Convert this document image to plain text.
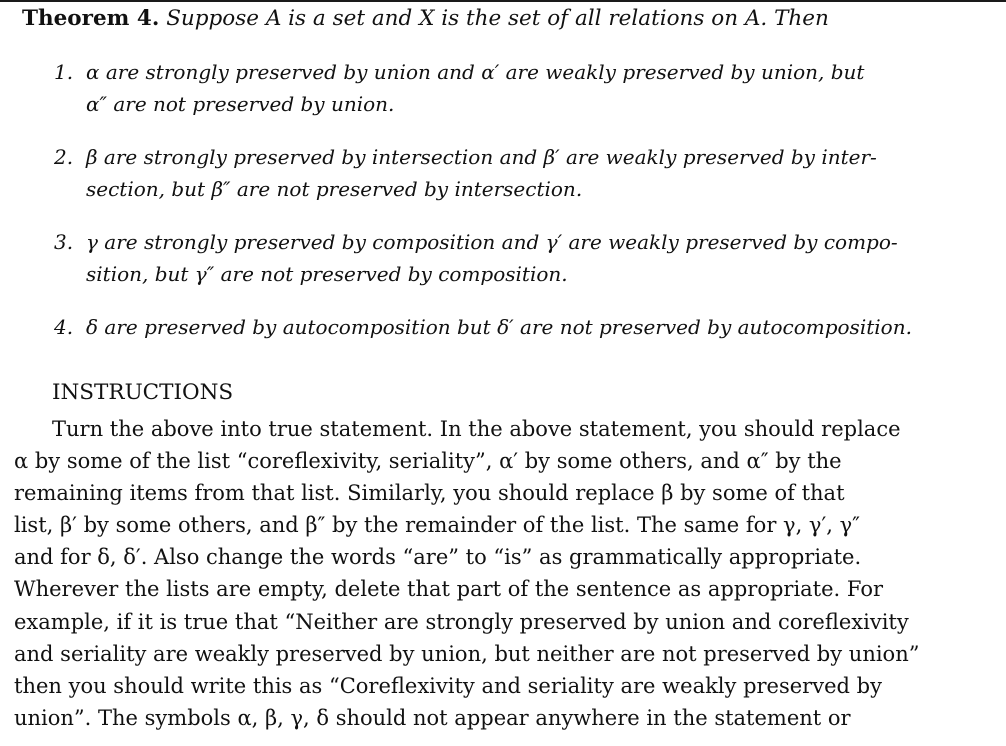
Theorem 4. Suppose A is a set and X is the set of all relations on A. Then
1. α are strongly preserved by union and α′ are weakly preserved by union, but
α″ are not preserved by union.
2. β are strongly preserved by intersection and β′ are weakly preserved by inter-
section, but β″ are not preserved by intersection.
3. γ are strongly preserved by composition and γ′ are weakly preserved by compo-
sition, but γ″ are not preserved by composition.
4. δ are preserved by autocomposition but δ′ are not preserved by autocomposition.
INSTRUCTIONS
Turn the above into true statement. In the above statement, you should replace
α by some of the list “coreflexivity, seriality”, α′ by some others, and α″ by the
remaining items from that list. Similarly, you should replace β by some of that
list, β′ by some others, and β″ by the remainder of the list. The same for γ, γ′, γ″
and for δ, δ′. Also change the words “are” to “is” as grammatically appropriate.
Wherever the lists are empty, delete that part of the sentence as appropriate. For
example, if it is true that “Neither are strongly preserved by union and coreflexivity
and seriality are weakly preserved by union, but neither are not preserved by union”
then you should write this as “Coreflexivity and seriality are weakly preserved by
union”. The symbols α, β, γ, δ should not appear anywhere in the statement or
